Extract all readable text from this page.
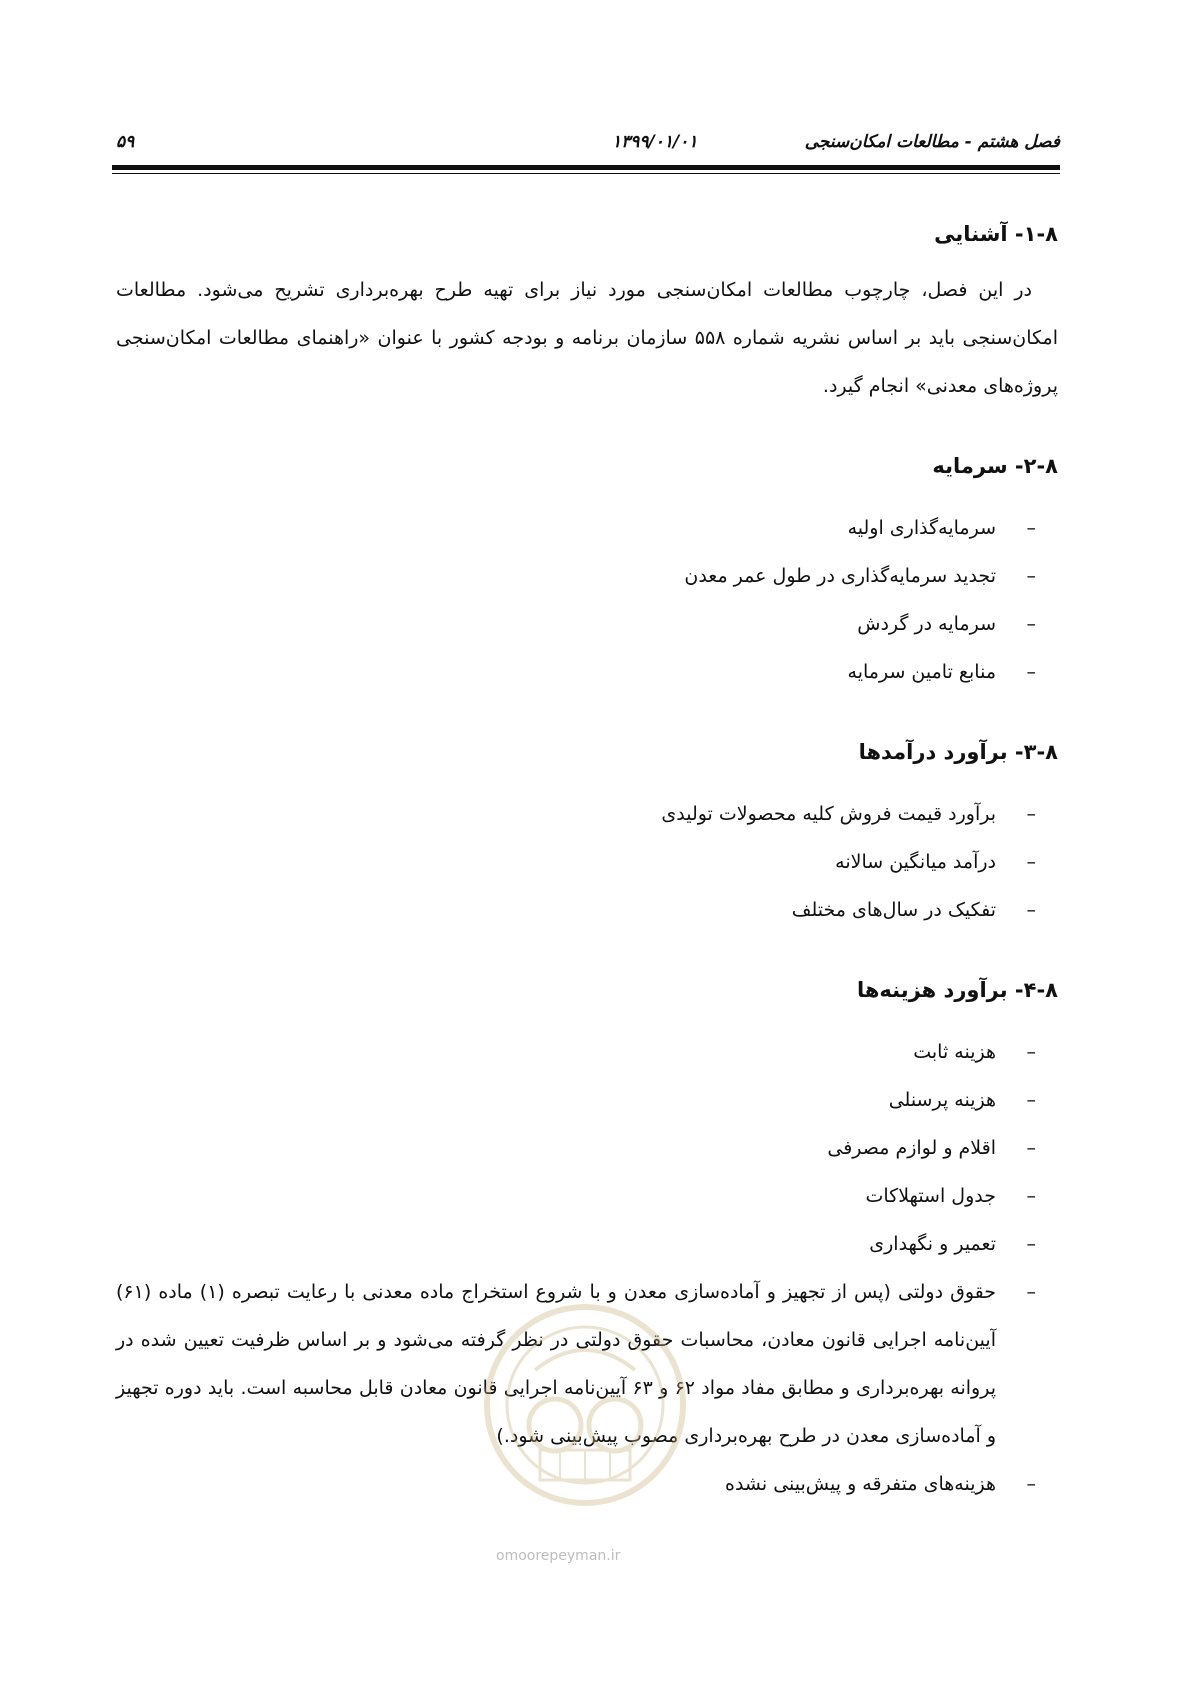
فصل هشتم - مطالعات امکان‌سنجی
۱۳۹۹/۰۱/۰۱
۵۹
۱-۸- آشنایی

در این فصل، چارچوب مطالعات امکان‌سنجی مورد نیاز برای تهیه طرح بهره‌برداری تشریح می‌شود. مطالعات امکان‌سنجی باید بر اساس نشریه شماره ۵۵۸ سازمان برنامه و بودجه کشور با عنوان «راهنمای مطالعات امکان‌سنجی پروژه‌های معدنی» انجام گیرد.

۲-۸- سرمایه
– سرمایه‌گذاری اولیه
– تجدید سرمایه‌گذاری در طول عمر معدن
– سرمایه در گردش
– منابع تامین سرمایه
۳-۸- برآورد درآمدها
– برآورد قیمت فروش کلیه محصولات تولیدی
– درآمد میانگین سالانه
– تفکیک در سال‌های مختلف
۴-۸- برآورد هزینه‌ها
– هزینه ثابت
– هزینه پرسنلی
– اقلام و لوازم مصرفی
– جدول استهلاکات
– تعمیر و نگهداری
– حقوق دولتی (پس از تجهیز و آماده‌سازی معدن و با شروع استخراج ماده معدنی با رعایت تبصره (۱) ماده (۶۱) آیین‌نامه اجرایی قانون معادن، محاسبات حقوق دولتی در نظر گرفته می‌شود و بر اساس ظرفیت تعیین شده در پروانه بهره‌برداری و مطابق مفاد مواد ۶۲ و ۶۳ آیین‌نامه اجرایی قانون معادن قابل محاسبه است. باید دوره تجهیز و آماده‌سازی معدن در طرح بهره‌برداری مصوب پیش‌بینی شود.)
– هزینه‌های متفرقه و پیش‌بینی نشده
omoorepeyman.ir
